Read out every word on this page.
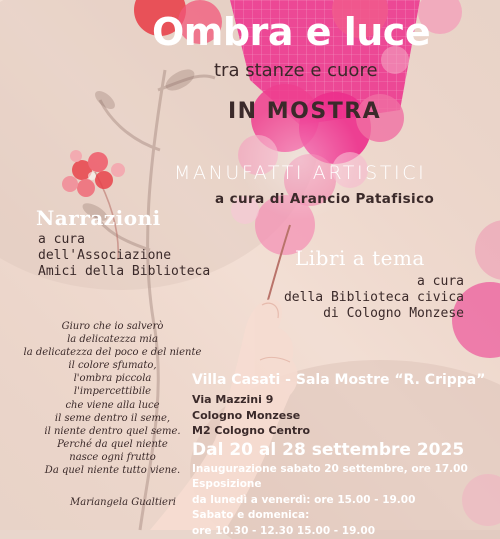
Ombra e luce
tra stanze e cuore
IN MOSTRA
MANUFATTI ARTISTICI
a cura di Arancio Patafisico
Narrazioni
a cura
dell'Associazione
Amici della Biblioteca
Libri a tema
a cura
della Biblioteca civica
di Cologno Monzese
Giuro che io salverò
la delicatezza mia
la delicatezza del poco e del niente
il colore sfumato,
l'ombra piccola
l'impercettibile
che viene alla luce
il seme dentro il seme,
il niente dentro quel seme.
Perché da quel niente
nasce ogni frutto
Da quel niente tutto viene.
Mariangela Gualtieri
Villa Casati - Sala Mostre “R. Crippa”
Via Mazzini 9
Cologno Monzese
M2 Cologno Centro
Dal 20 al 28 settembre 2025
Inaugurazione sabato 20 settembre, ore 17.00
Esposizione
da lunedì a venerdì: ore 15.00 - 19.00
Sabato e domenica:
ore 10.30 - 12.30 15.00 - 19.00
